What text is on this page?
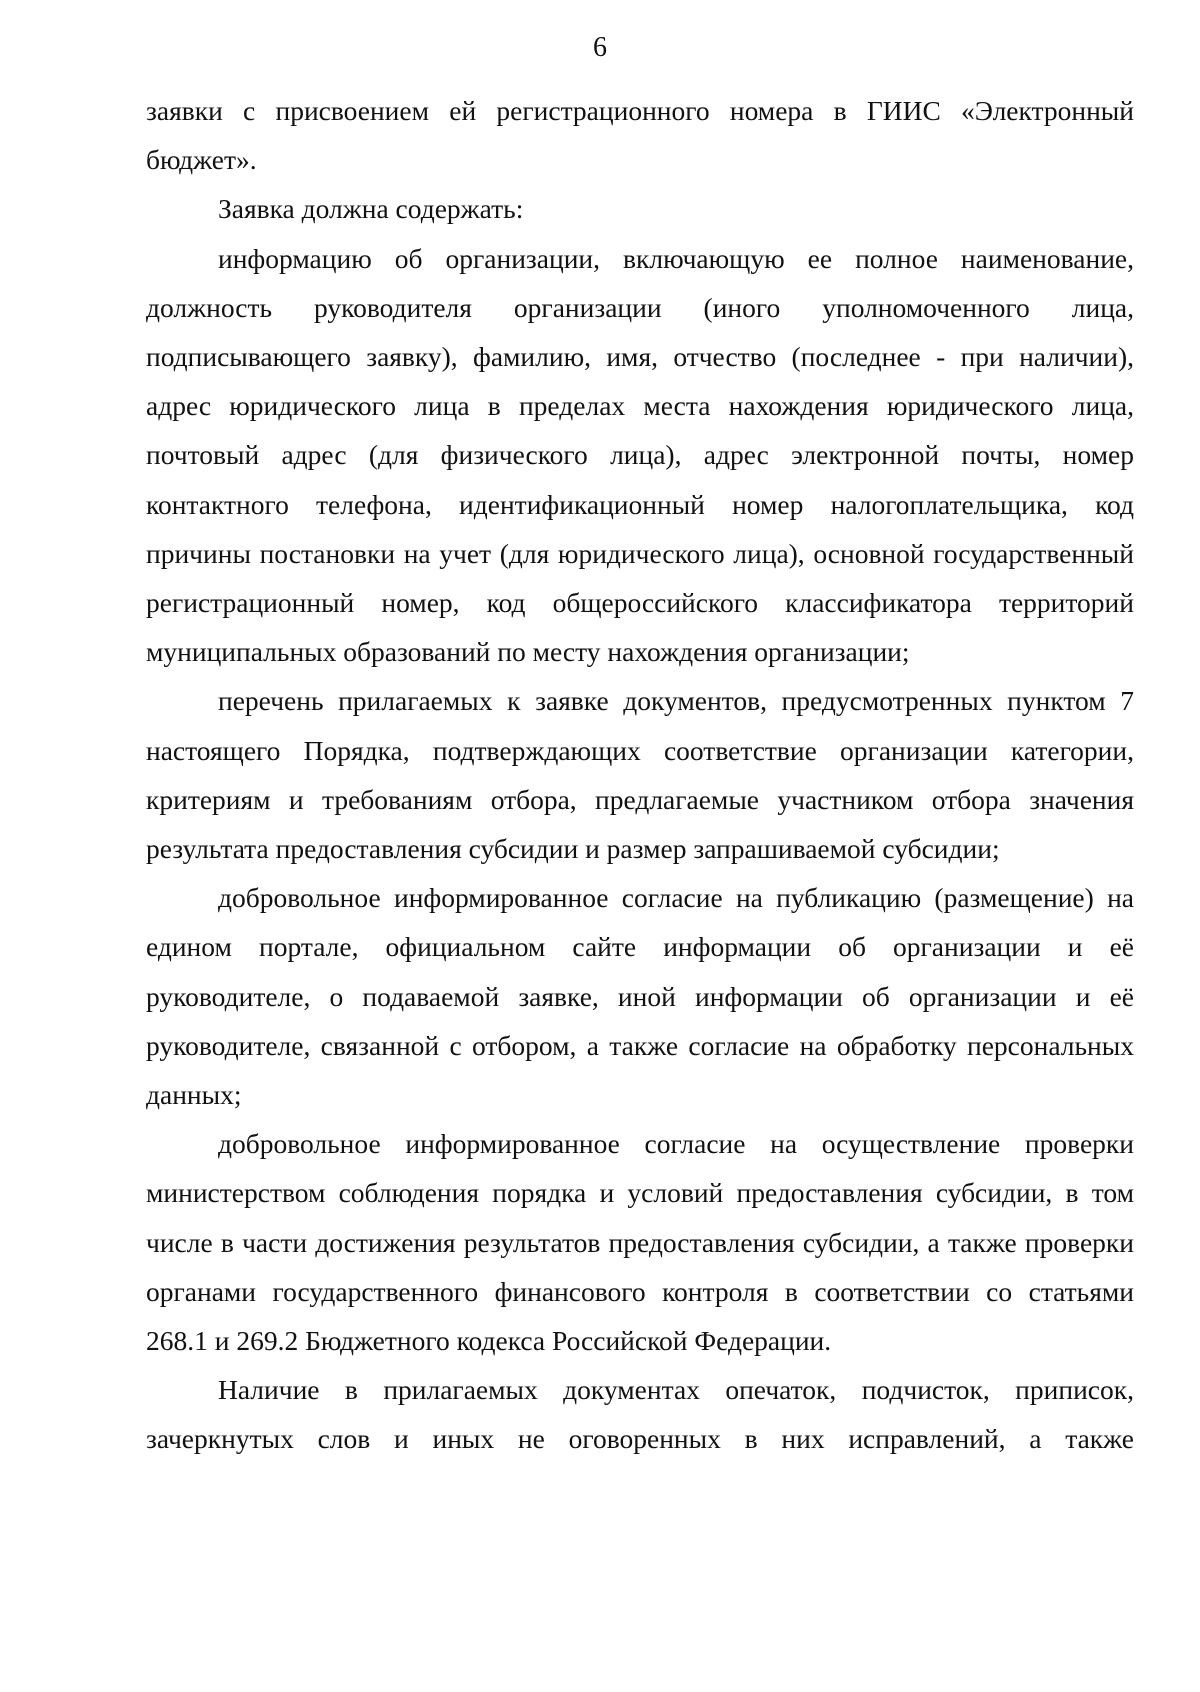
6

заявки с присвоением ей регистрационного номера в ГИИС «Электронный бюджет».

Заявка должна содержать:

информацию об организации, включающую ее полное наименование, должность руководителя организации (иного уполномоченного лица, подписывающего заявку), фамилию, имя, отчество (последнее - при наличии), адрес юридического лица в пределах места нахождения юридического лица, почтовый адрес (для физического лица), адрес электронной почты, номер контактного телефона, идентификационный номер налогоплательщика, код причины постановки на учет (для юридического лица), основной государственный регистрационный номер, код общероссийского классификатора территорий муниципальных образований по месту нахождения организации;

перечень прилагаемых к заявке документов, предусмотренных пунктом 7 настоящего Порядка, подтверждающих соответствие организации категории, критериям и требованиям отбора, предлагаемые участником отбора значения результата предоставления субсидии и размер запрашиваемой субсидии;

добровольное информированное согласие на публикацию (размещение) на едином портале, официальном сайте информации об организации и её руководителе, о подаваемой заявке, иной информации об организации и её руководителе, связанной с отбором, а также согласие на обработку персональных данных;

добровольное информированное согласие на осуществление проверки министерством соблюдения порядка и условий предоставления субсидии, в том числе в части достижения результатов предоставления субсидии, а также проверки органами государственного финансового контроля в соответствии со статьями 268.1 и 269.2 Бюджетного кодекса Российской Федерации.

Наличие в прилагаемых документах опечаток, подчисток, приписок, зачеркнутых слов и иных не оговоренных в них исправлений, а также
